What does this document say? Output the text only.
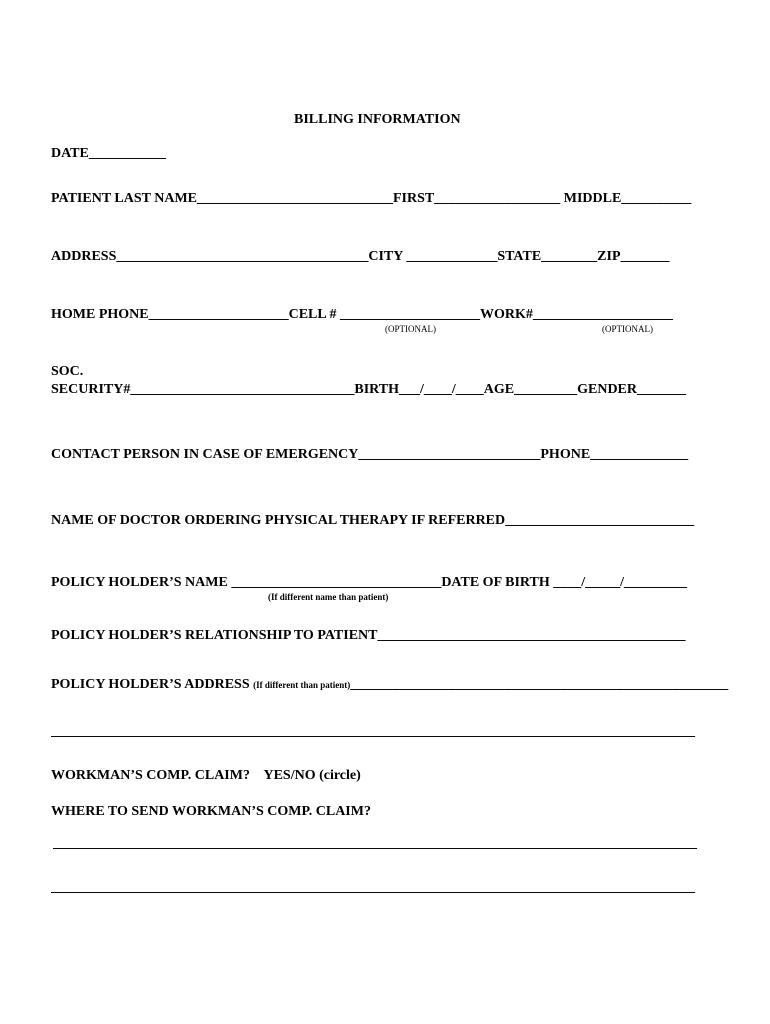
BILLING INFORMATION
DATE___________
PATIENT LAST NAME____________________________FIRST__________________ MIDDLE__________
ADDRESS____________________________________CITY _____________STATE________ZIP_______
HOME PHONE____________________CELL # ____________________WORK#____________________
(OPTIONAL)	(OPTIONAL)
SOC.
SECURITY#________________________________BIRTH___/____/____AGE_________GENDER_______
CONTACT PERSON IN CASE OF EMERGENCY__________________________PHONE______________
NAME OF DOCTOR ORDERING PHYSICAL THERAPY IF REFERRED___________________________
POLICY HOLDER’S NAME ______________________________DATE OF BIRTH ____/_____/_________
(If different name than patient)
POLICY HOLDER’S RELATIONSHIP TO PATIENT____________________________________________
POLICY HOLDER’S ADDRESS (If different than patient)______________________________________________________
____________________________________________________________________________________________
WORKMAN’S COMP. CLAIM?    YES/NO (circle)
WHERE TO SEND WORKMAN’S COMP. CLAIM?
____________________________________________________________________________________________
____________________________________________________________________________________________
